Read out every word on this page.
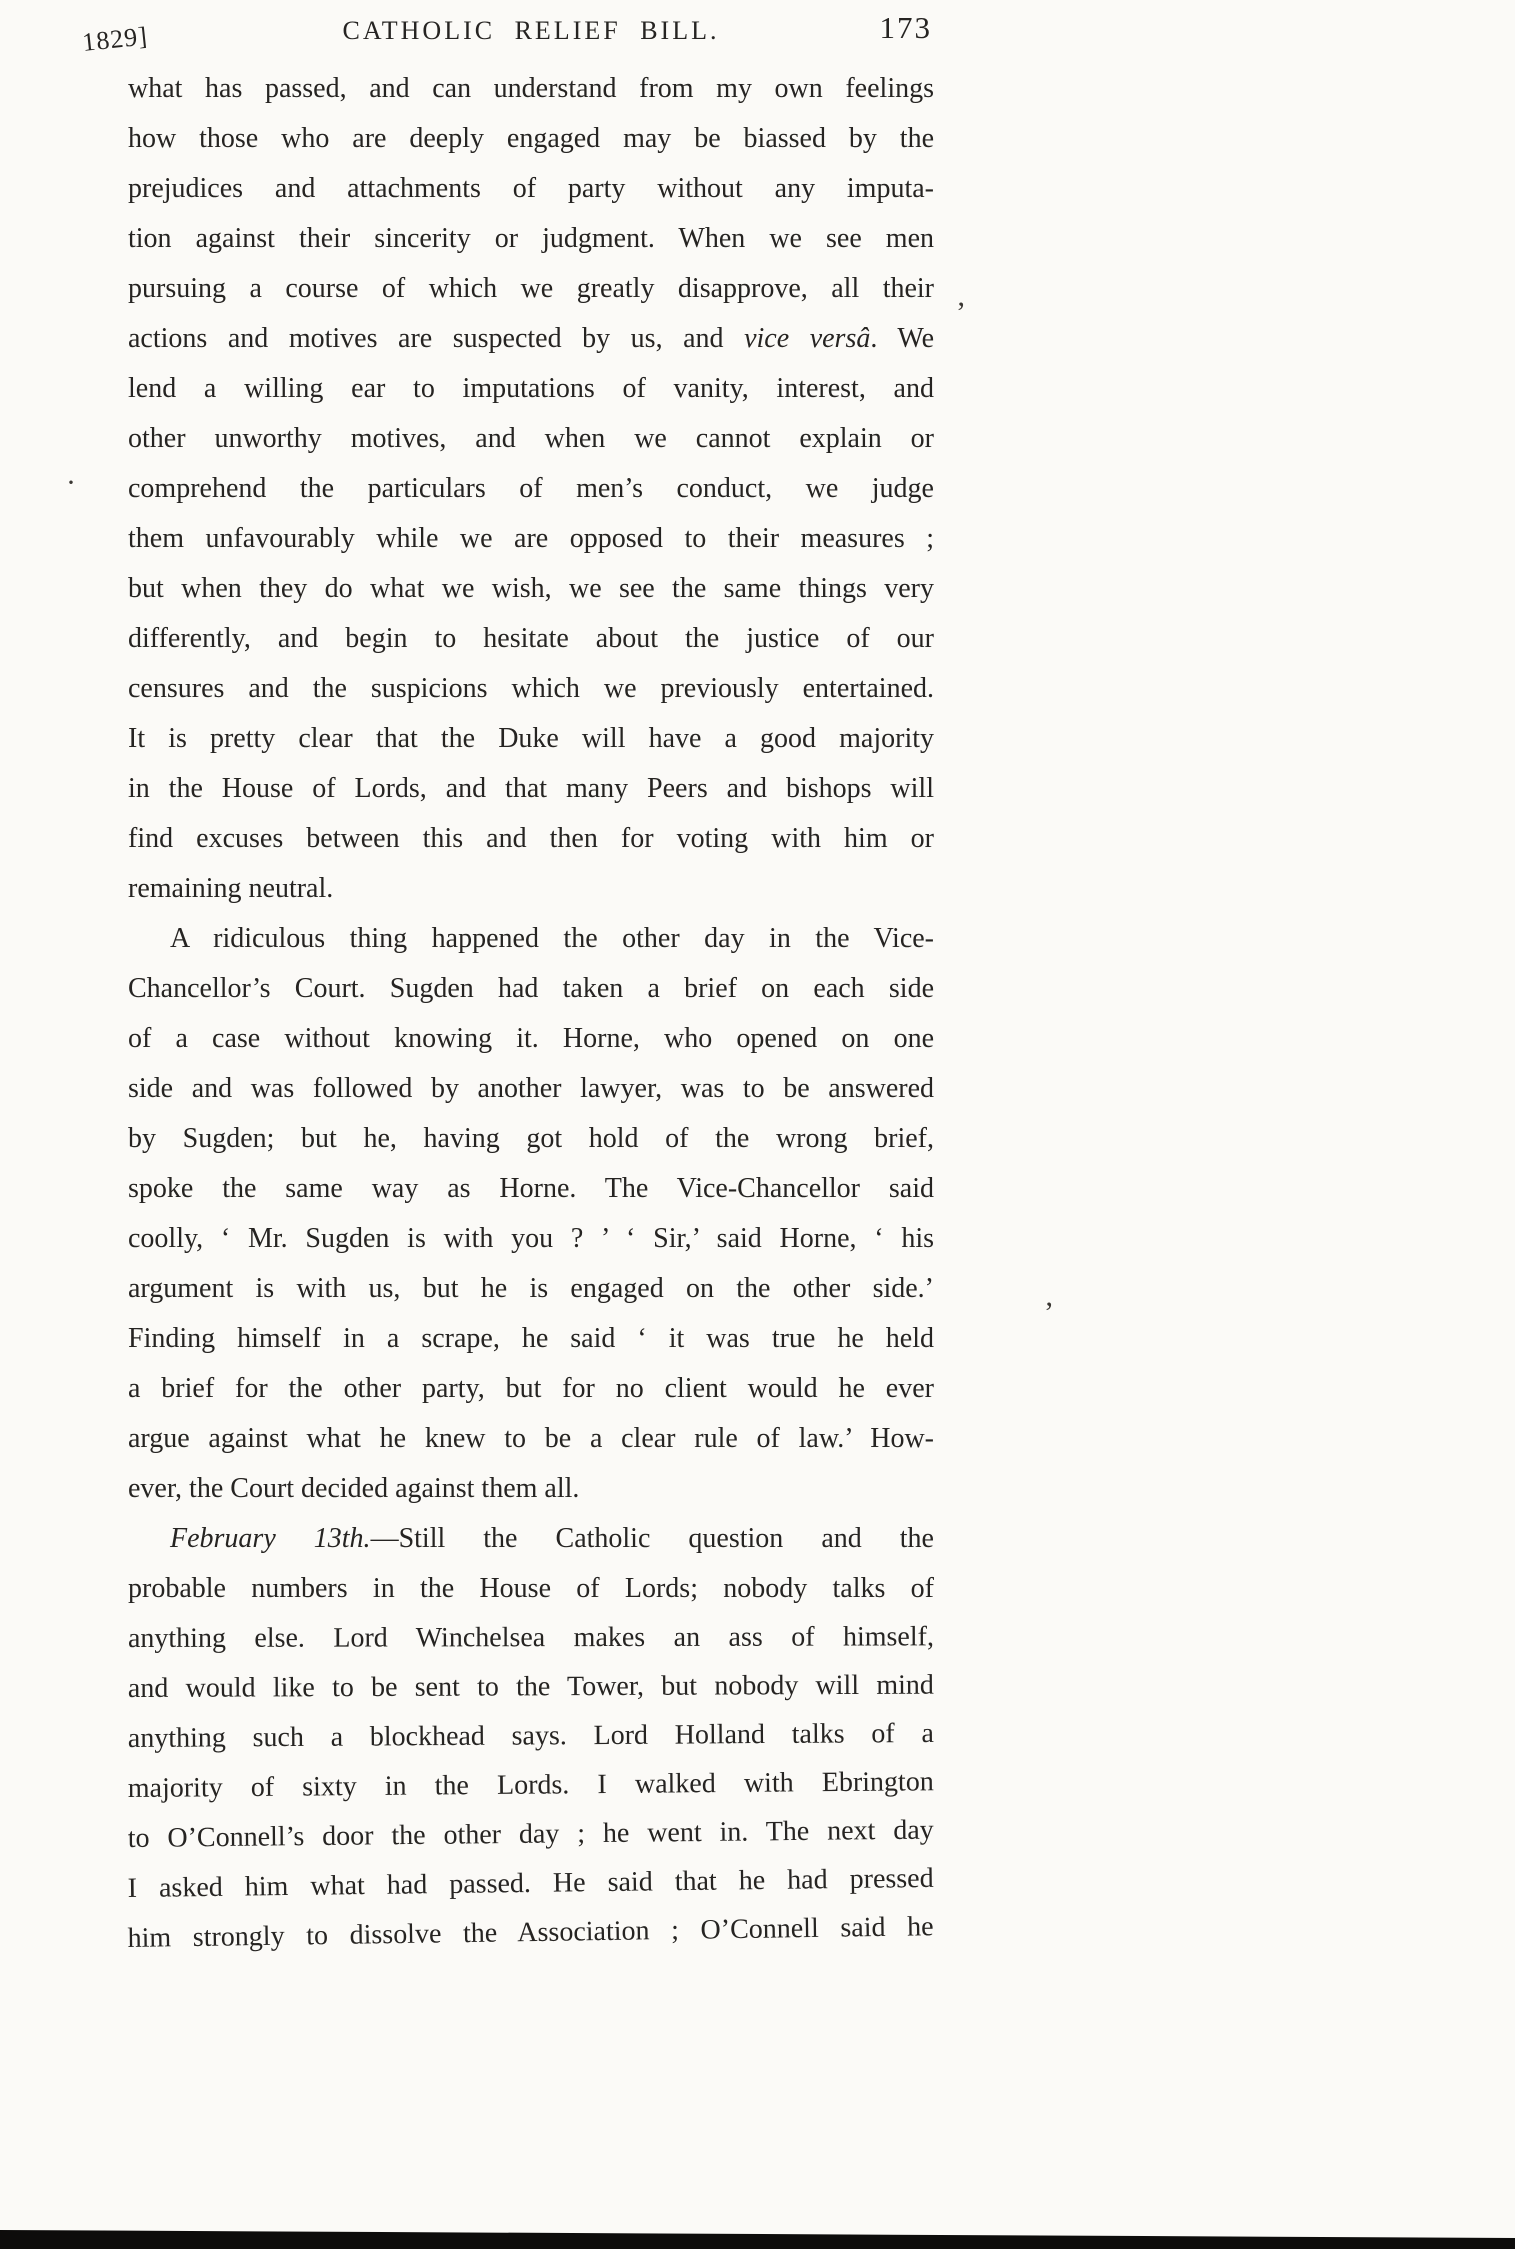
1829]	CATHOLIC RELIEF BILL.	173
what has passed, and can understand from my own feelings
how those who are deeply engaged may be biassed by the
prejudices and attachments of party without any imputa-
tion against their sincerity or judgment. When we see men
pursuing a course of which we greatly disapprove, all their
actions and motives are suspected by us, and vice versâ. We
lend a willing ear to imputations of vanity, interest, and
other unworthy motives, and when we cannot explain or
comprehend the particulars of men’s conduct, we judge
them unfavourably while we are opposed to their measures ;
but when they do what we wish, we see the same things very
differently, and begin to hesitate about the justice of our
censures and the suspicions which we previously entertained.
It is pretty clear that the Duke will have a good majority
in the House of Lords, and that many Peers and bishops will
find excuses between this and then for voting with him or
remaining neutral.
A ridiculous thing happened the other day in the Vice-
Chancellor’s Court. Sugden had taken a brief on each side
of a case without knowing it. Horne, who opened on one
side and was followed by another lawyer, was to be answered
by Sugden; but he, having got hold of the wrong brief,
spoke the same way as Horne. The Vice-Chancellor said
coolly, ‘ Mr. Sugden is with you ? ’ ‘ Sir,’ said Horne, ‘ his
argument is with us, but he is engaged on the other side.’
Finding himself in a scrape, he said ‘ it was true he held
a brief for the other party, but for no client would he ever
argue against what he knew to be a clear rule of law.’ How-
ever, the Court decided against them all.
February 13th.—Still the Catholic question and the
probable numbers in the House of Lords; nobody talks of
anything else. Lord Winchelsea makes an ass of himself,
and would like to be sent to the Tower, but nobody will mind
anything such a blockhead says. Lord Holland talks of a
majority of sixty in the Lords. I walked with Ebrington
to O’Connell’s door the other day ; he went in. The next day
I asked him what had passed. He said that he had pressed
him strongly to dissolve the Association ; O’Connell said he
’
’
·
